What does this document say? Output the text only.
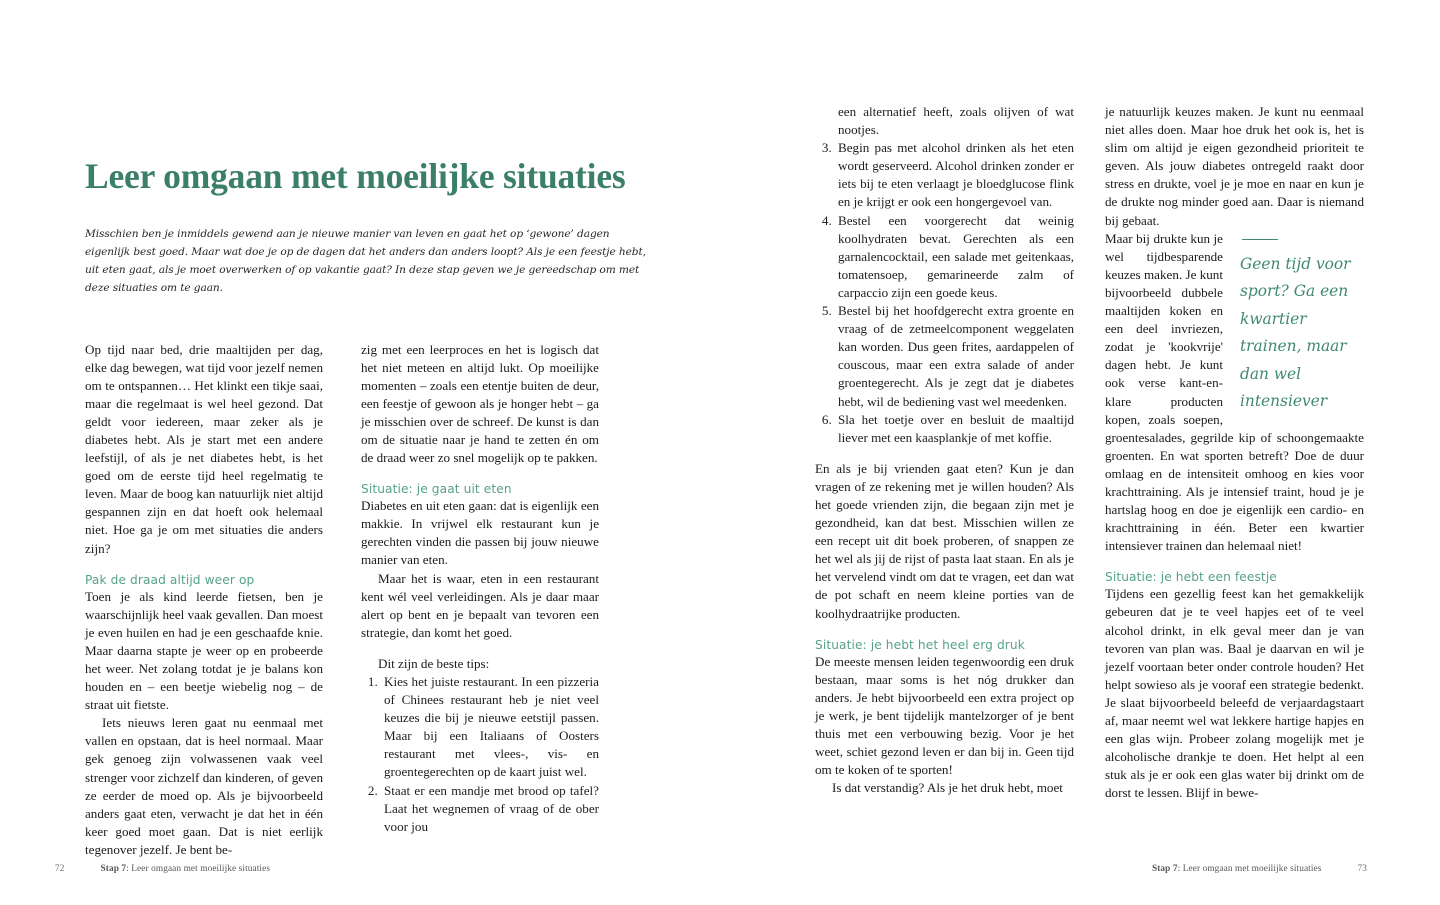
Leer omgaan met moeilijke situaties

Misschien ben je inmiddels gewend aan je nieuwe manier van leven en gaat het op ‘gewone’ dagen eigenlijk best goed. Maar wat doe je op de dagen dat het anders dan anders loopt? Als je een feestje hebt, uit eten gaat, als je moet overwerken of op vakantie gaat? In deze stap geven we je gereedschap om met deze situaties om te gaan.

Op tijd naar bed, drie maaltijden per dag, elke dag bewegen, wat tijd voor jezelf nemen om te ontspannen… Het klinkt een tikje saai, maar die regelmaat is wel heel gezond. Dat geldt voor iedereen, maar zeker als je diabetes hebt. Als je start met een andere leefstijl, of als je net diabetes hebt, is het goed om de eerste tijd heel regelmatig te leven. Maar de boog kan natuurlijk niet altijd gespannen zijn en dat hoeft ook helemaal niet. Hoe ga je om met situaties die anders zijn?

Pak de draad altijd weer op

Toen je als kind leerde fietsen, ben je waarschijnlijk heel vaak gevallen. Dan moest je even huilen en had je een geschaafde knie. Maar daarna stapte je weer op en probeerde het weer. Net zolang totdat je je balans kon houden en – een beetje wiebelig nog – de straat uit fietste.

Iets nieuws leren gaat nu eenmaal met vallen en opstaan, dat is heel normaal. Maar gek genoeg zijn volwassenen vaak veel strenger voor zichzelf dan kinderen, of geven ze eerder de moed op. Als je bijvoorbeeld anders gaat eten, verwacht je dat het in één keer goed moet gaan. Dat is niet eerlijk tegenover jezelf. Je bent be-

zig met een leerproces en het is logisch dat het niet meteen en altijd lukt. Op moeilijke momenten – zoals een etentje buiten de deur, een feestje of gewoon als je honger hebt – ga je misschien over de schreef. De kunst is dan om de situatie naar je hand te zetten én om de draad weer zo snel mogelijk op te pakken.

Situatie: je gaat uit eten

Diabetes en uit eten gaan: dat is eigenlijk een makkie. In vrijwel elk restaurant kun je gerechten vinden die passen bij jouw nieuwe manier van eten.

Maar het is waar, eten in een restaurant kent wél veel verleidingen. Als je daar maar alert op bent en je bepaalt van tevoren een strategie, dan komt het goed.

Dit zijn de beste tips:

1. Kies het juiste restaurant. In een pizzeria of Chinees restaurant heb je niet veel keuzes die bij je nieuwe eetstijl passen. Maar bij een Italiaans of Oosters restaurant met vlees-, vis- en groentegerechten op de kaart juist wel.
2. Staat er een mandje met brood op tafel? Laat het wegnemen of vraag of de ober voor jou
72	Stap 7: Leer omgaan met moeilijke situaties
een alternatief heeft, zoals olijven of wat nootjes.
3. Begin pas met alcohol drinken als het eten wordt geserveerd. Alcohol drinken zonder er iets bij te eten verlaagt je bloedglucose flink en je krijgt er ook een hongergevoel van.
4. Bestel een voorgerecht dat weinig koolhydraten bevat. Gerechten als een garnalencocktail, een salade met geitenkaas, tomatensoep, gemarineerde zalm of carpaccio zijn een goede keus.
5. Bestel bij het hoofdgerecht extra groente en vraag of de zetmeelcomponent weggelaten kan worden. Dus geen frites, aardappelen of couscous, maar een extra salade of ander groentegerecht. Als je zegt dat je diabetes hebt, wil de bediening vast wel meedenken.
6. Sla het toetje over en besluit de maaltijd liever met een kaasplankje of met koffie.

En als je bij vrienden gaat eten? Kun je dan vragen of ze rekening met je willen houden? Als het goede vrienden zijn, die begaan zijn met je gezondheid, kan dat best. Misschien willen ze een recept uit dit boek proberen, of snappen ze het wel als jij de rijst of pasta laat staan. En als je het vervelend vindt om dat te vragen, eet dan wat de pot schaft en neem kleine porties van de koolhydraatrijke producten.

Situatie: je hebt het heel erg druk

De meeste mensen leiden tegenwoordig een druk bestaan, maar soms is het nóg drukker dan anders. Je hebt bijvoorbeeld een extra project op je werk, je bent tijdelijk mantelzorger of je bent thuis met een verbouwing bezig. Voor je het weet, schiet gezond leven er dan bij in. Geen tijd om te koken of te sporten!

Is dat verstandig? Als je het druk hebt, moet

je natuurlijk keuzes maken. Je kunt nu eenmaal niet alles doen. Maar hoe druk het ook is, het is slim om altijd je eigen gezondheid prioriteit te geven. Als jouw diabetes ontregeld raakt door stress en drukte, voel je je moe en naar en kun je de drukte nog minder goed aan. Daar is niemand bij gebaat.

Geen tijd voor sport? Ga een kwartier trainen, maar dan wel intensiever

Maar bij drukte kun je wel tijdbesparende keuzes maken. Je kunt bijvoorbeeld dubbele maaltijden koken en een deel invriezen, zodat je 'kookvrije' dagen hebt. Je kunt ook verse kant-en-klare producten kopen, zoals soepen, groentesalades, gegrilde kip of schoongemaakte groenten. En wat sporten betreft? Doe de duur omlaag en de intensiteit omhoog en kies voor krachttraining. Als je intensief traint, houd je je hartslag hoog en doe je eigenlijk een cardio- en krachttraining in één. Beter een kwartier intensiever trainen dan helemaal niet!

Situatie: je hebt een feestje

Tijdens een gezellig feest kan het gemakkelijk gebeuren dat je te veel hapjes eet of te veel alcohol drinkt, in elk geval meer dan je van tevoren van plan was. Baal je daarvan en wil je jezelf voortaan beter onder controle houden? Het helpt sowieso als je vooraf een strategie bedenkt. Je slaat bijvoorbeeld beleefd de verjaardagstaart af, maar neemt wel wat lekkere hartige hapjes en een glas wijn. Probeer zolang mogelijk met je alcoholische drankje te doen. Het helpt al een stuk als je er ook een glas water bij drinkt om de dorst te lessen. Blijf in bewe-

Stap 7: Leer omgaan met moeilijke situaties	73
